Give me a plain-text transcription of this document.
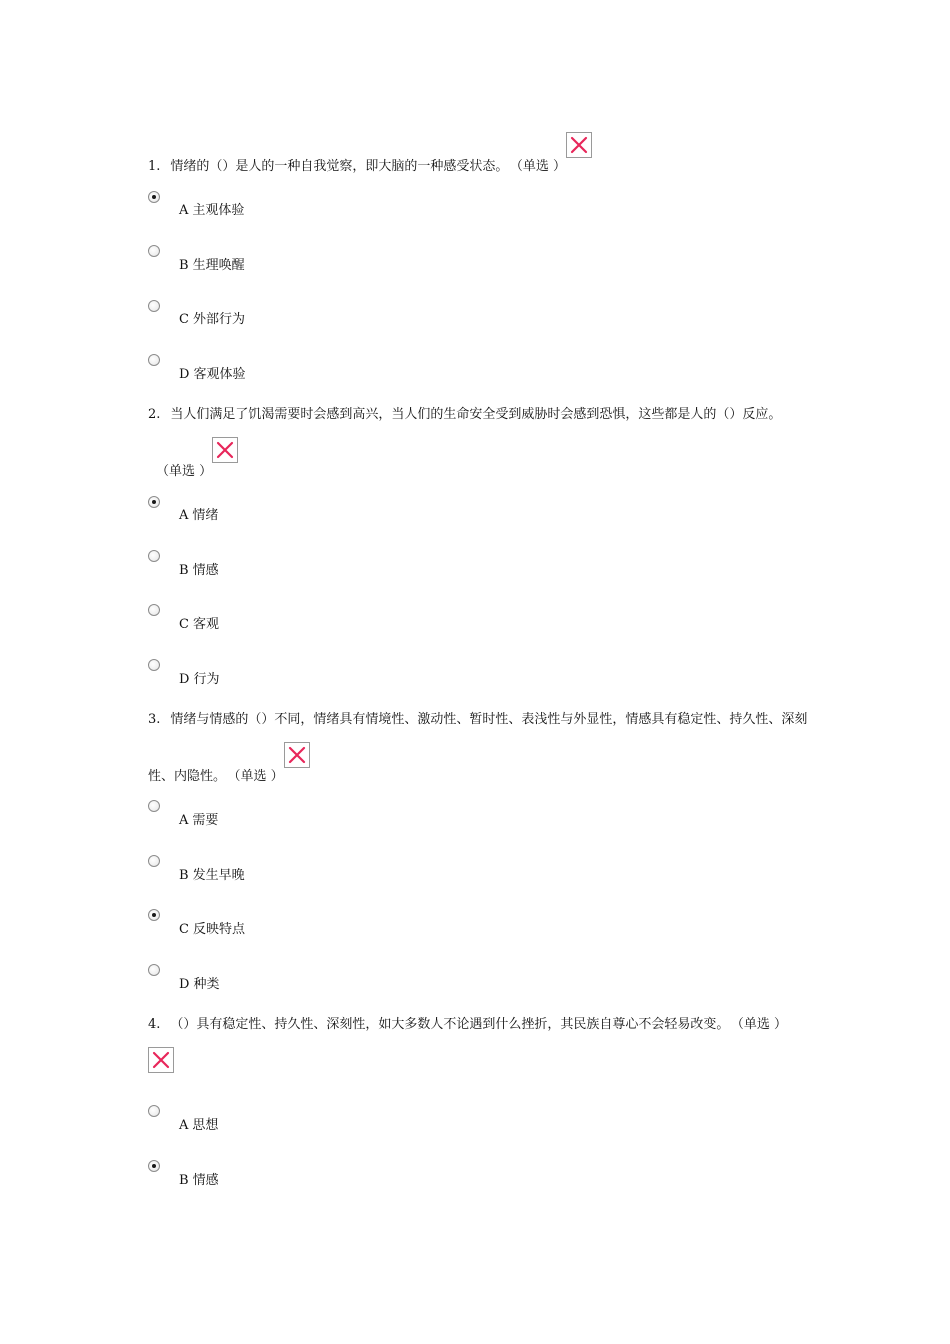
1. 情绪的（）是人的一种自我觉察，即大脑的一种感受状态。 （单选 ）
A 主观体验
B 生理唤醒
C 外部行为
D 客观体验
2. 当人们满足了饥渴需要时会感到高兴，当人们的生命安全受到威胁时会感到恐惧，这些都是人的（）反应。（单选 ）
A 情绪
B 情感
C 客观
D 行为
3. 情绪与情感的（）不同，情绪具有情境性、激动性、暂时性、表浅性与外显性，情感具有稳定性、持久性、深刻性、内隐性。 （单选 ）
A 需要
B 发生早晚
C 反映特点
D 种类
4. （）具有稳定性、持久性、深刻性，如大多数人不论遇到什么挫折，其民族自尊心不会轻易改变。 （单选 ）
A 思想
B 情感
